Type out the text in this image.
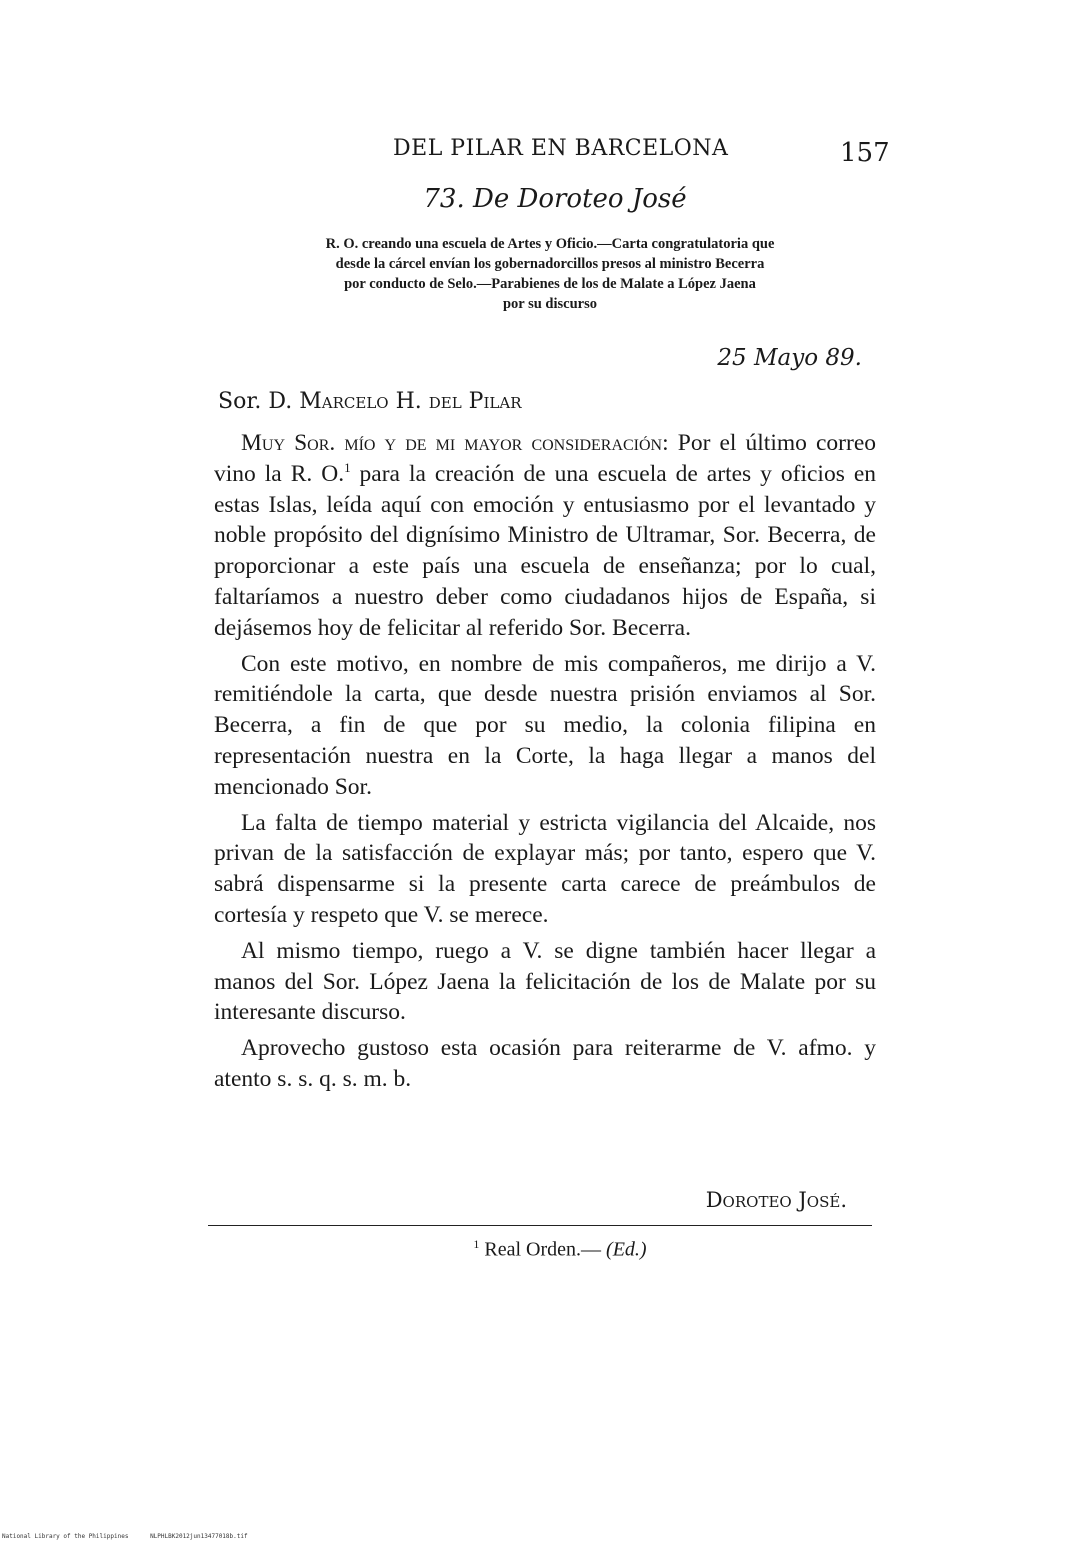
DEL PILAR EN BARCELONA	157
73. De Doroteo José
R. O. creando una escuela de Artes y Oficio.—Carta congratulatoria que
desde la cárcel envían los gobernadorcillos presos al ministro Becerra
por conducto de Selo.—Parabienes de los de Malate a López Jaena
por su discurso
25 Mayo 89.
Sor. D. Marcelo H. del Pilar

Muy Sor. mío y de mi mayor consideración: Por el último correo vino la R. O.$^1$ para la creación de una escuela de artes y oficios en estas Islas, leída aquí con emoción y entusiasmo por el levantado y noble propósito del dignísimo Ministro de Ultramar, Sor. Becerra, de proporcionar a este país una escuela de enseñanza; por lo cual, faltaríamos a nuestro deber como ciudadanos hijos de España, si dejásemos hoy de felicitar al referido Sor. Becerra.

Con este motivo, en nombre de mis compañeros, me dirijo a V. remitiéndole la carta, que desde nuestra prisión enviamos al Sor. Becerra, a fin de que por su medio, la colonia filipina en representación nuestra en la Corte, la haga llegar a manos del mencionado Sor.

La falta de tiempo material y estricta vigilancia del Alcaide, nos privan de la satisfacción de explayar más; por tanto, espero que V. sabrá dispensarme si la presente carta carece de preámbulos de cortesía y respeto que V. se merece.

Al mismo tiempo, ruego a V. se digne también hacer llegar a manos del Sor. López Jaena la felicitación de los de Malate por su interesante discurso.

Aprovecho gustoso esta ocasión para reiterarme de V. afmo. y atento s. s. q. s. m. b.

Doroteo José.
$^1$ Real Orden.— (Ed.)
National Library of the Philippines	NLPHLBK2012jun13477018b.tif
